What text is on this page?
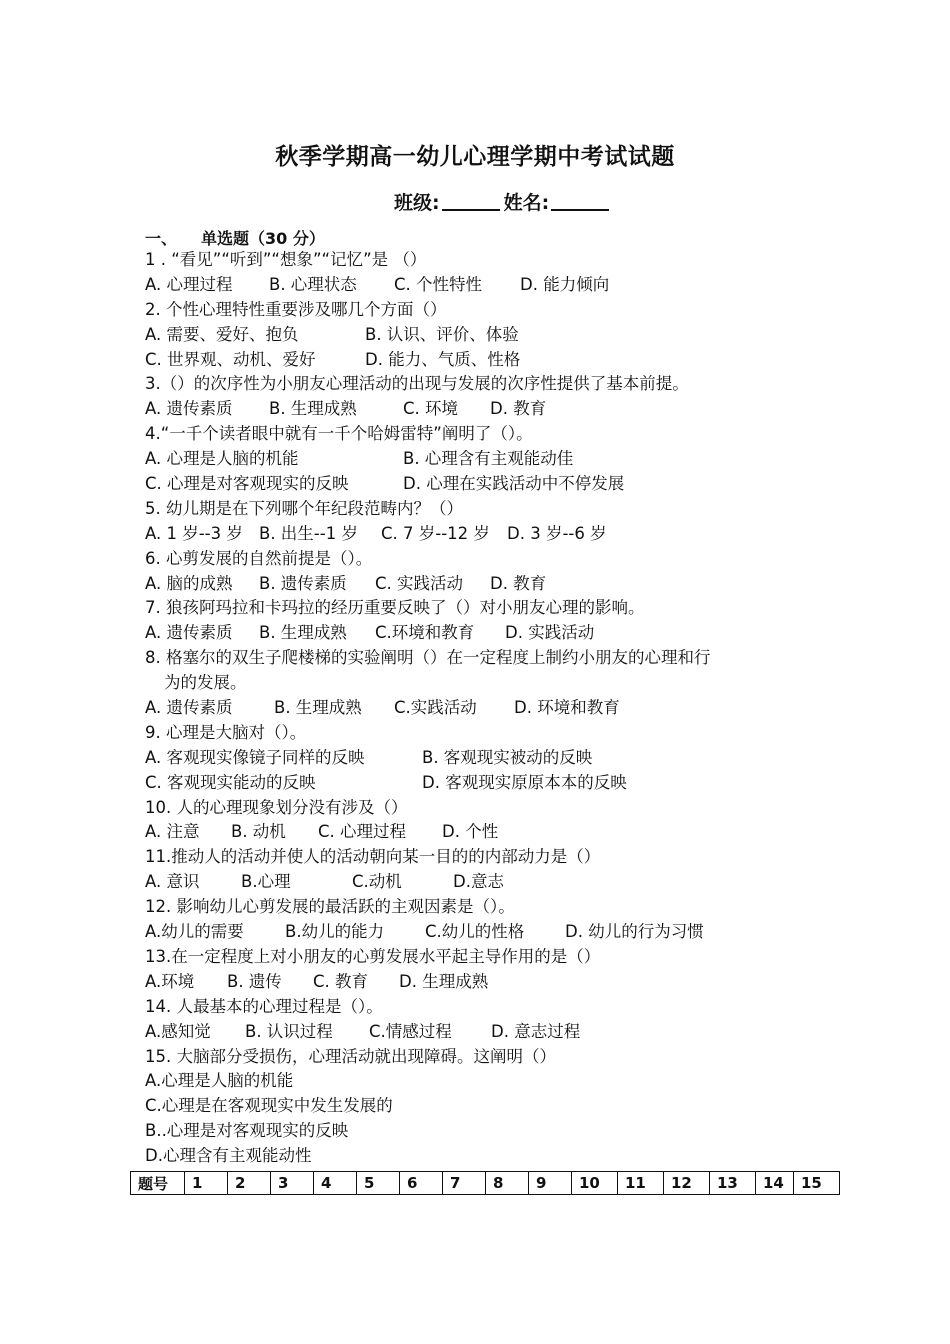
秋季学期高一幼儿心理学期中考试试题
班级:	姓名:
一、 单选题（30 分）
1 . “看见”“听到”“想象”“记忆”是 （）
A. 心理过程 B. 心理状态 C. 个性特性 D. 能力倾向
2. 个性心理特性重要涉及哪几个方面（）
A. 需要、爱好、抱负	B. 认识、评价、体验
C. 世界观、动机、爱好	D. 能力、气质、性格
3.（）的次序性为小朋友心理活动的出现与发展的次序性提供了基本前提。
A. 遗传素质 B. 生理成熟	C. 环境 D. 教育
4.“一千个读者眼中就有一千个哈姆雷特”阐明了（）。
A. 心理是人脑的机能	B. 心理含有主观能动佳
C. 心理是对客观现实的反映	D. 心理在实践活动中不停发展
5. 幼儿期是在下列哪个年纪段范畴内？（）
A. 1 岁--3 岁 B. 出生--1 岁 C. 7 岁--12 岁 D. 3 岁--6 岁
6. 心剪发展的自然前提是（）。
A. 脑的成熟 B. 遗传素质 C. 实践活动 D. 教育
7. 狼孩阿玛拉和卡玛拉的经历重要反映了（）对小朋友心理的影响。
A. 遗传素质 B. 生理成熟 C.环境和教育 D. 实践活动
8. 格塞尔的双生子爬楼梯的实验阐明（）在一定程度上制约小朋友的心理和行
为的发展。
A. 遗传素质	B. 生理成熟 C.实践活动 D. 环境和教育
9. 心理是大脑对（）。
A. 客观现实像镜子同样的反映	B. 客观现实被动的反映
C. 客观现实能动的反映	D. 客观现实原原本本的反映
10. 人的心理现象划分没有涉及（）
A. 注意 B. 动机 C. 心理过程 D. 个性
11.推动人的活动并使人的活动朝向某一目的的内部动力是（）
A. 意识	B.心理	C.动机	D.意志
12. 影响幼儿心剪发展的最活跃的主观因素是（）。
A.幼儿的需要	B.幼儿的能力 C.幼儿的性格 D. 幼儿的行为习惯
13.在一定程度上对小朋友的心剪发展水平起主导作用的是（）
A.环境 B. 遗传 C. 教育 D. 生理成熟
14. 人最基本的心理过程是（）。
A.感知觉 B. 认识过程 C.情感过程 D. 意志过程
15. 大脑部分受损伤，心理活动就出现障碍。这阐明（）
A.心理是人脑的机能
C.心理是在客观现实中发生发展的
B..心理是对客观现实的反映
D.心理含有主观能动性
题号	1	2	3	4	5	6	7	8	9	10	11	12	13	14	15
